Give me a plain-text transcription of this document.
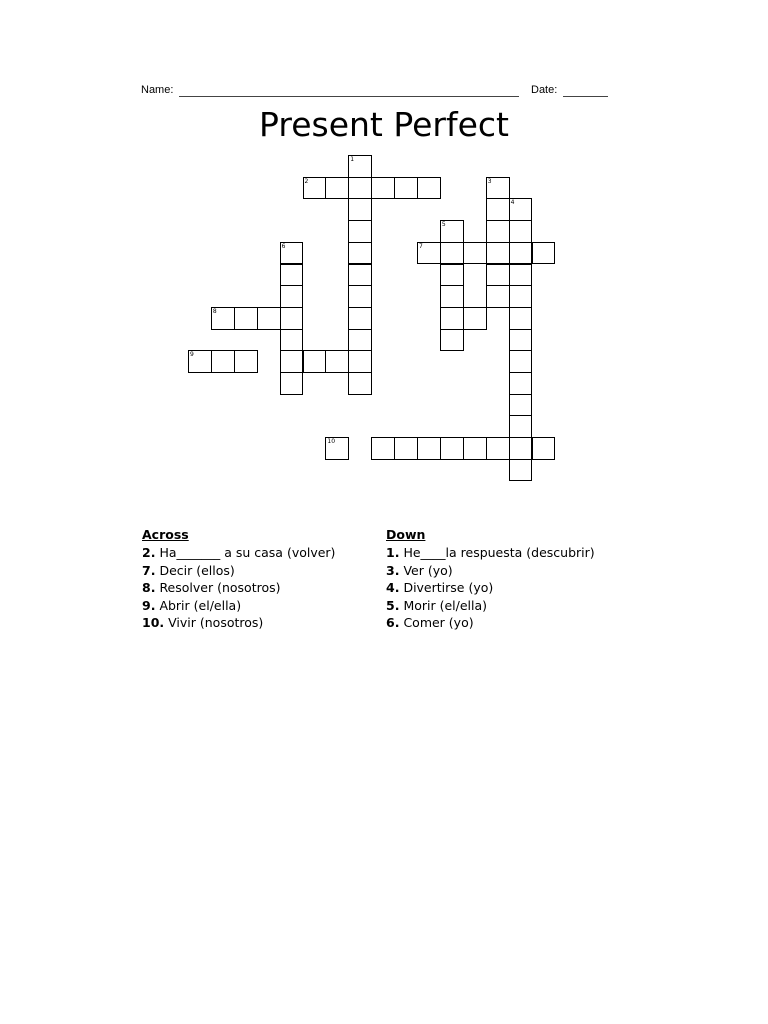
Name:	Date:
Present Perfect
1
2	3
4
5
6	7
8
9
10
Across
2. Ha_______ a su casa (volver)
7. Decir (ellos)
8. Resolver (nosotros)
9. Abrir (el/ella)
10. Vivir (nosotros)
Down
1. He____la respuesta (descubrir)
3. Ver (yo)
4. Divertirse (yo)
5. Morir (el/ella)
6. Comer (yo)
